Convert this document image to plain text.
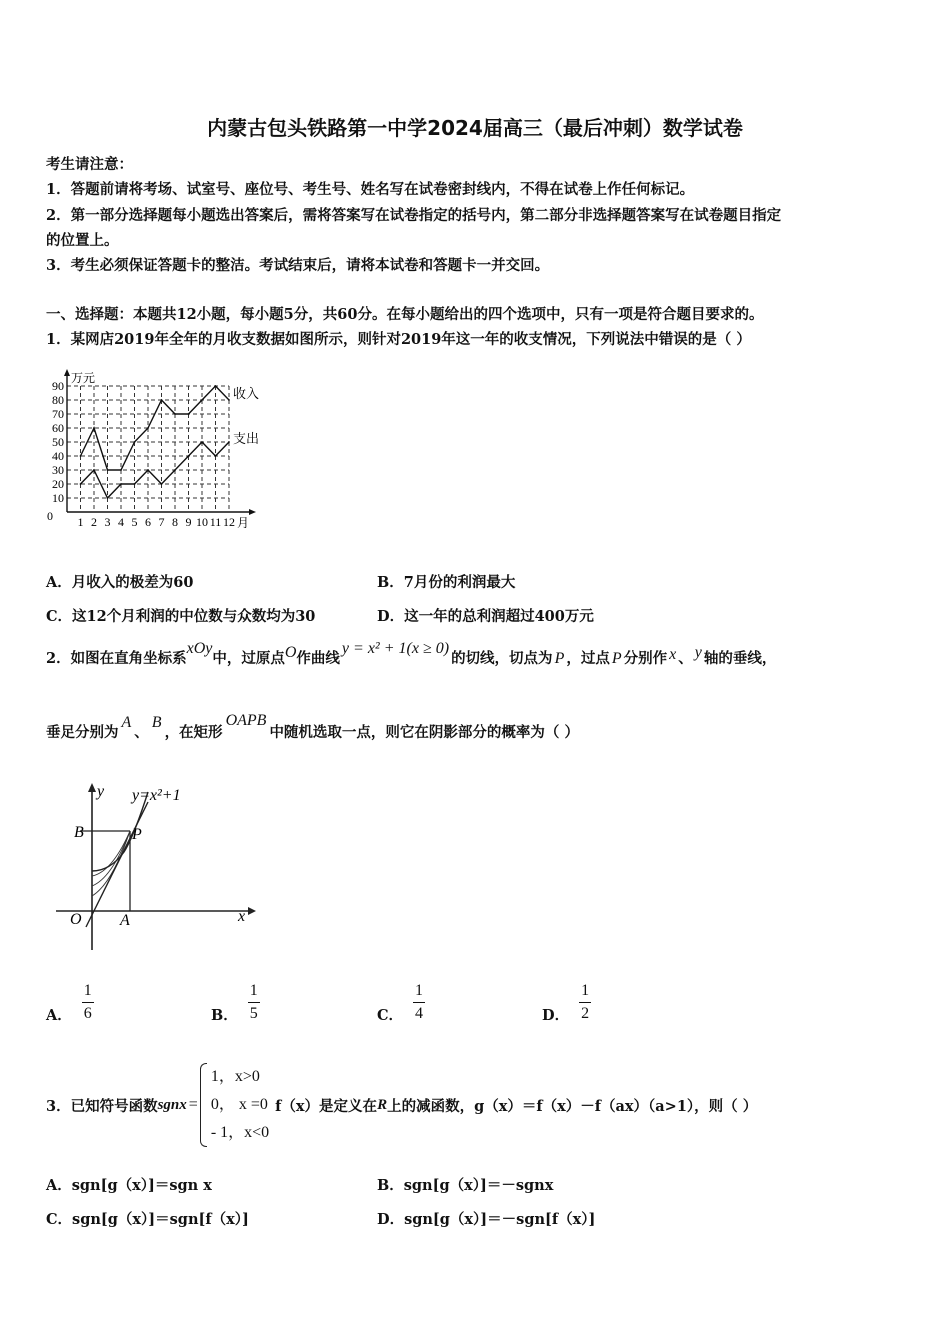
内蒙古包头铁路第一中学2024届高三（最后冲刺）数学试卷
考生请注意：
1．答题前请将考场、试室号、座位号、考生号、姓名写在试卷密封线内，不得在试卷上作任何标记。
2．第一部分选择题每小题选出答案后，需将答案写在试卷指定的括号内，第二部分非选择题答案写在试卷题目指定
的位置上。
3．考生必须保证答题卡的整洁。考试结束后，请将本试卷和答题卡一并交回。
一、选择题：本题共12小题，每小题5分，共60分。在每小题给出的四个选项中，只有一项是符合题目要求的。
1．某网店2019年全年的月收支数据如图所示，则针对2019年这一年的收支情况，下列说法中错误的是（ ）
0
10
20
30
40
50
60
70
80
90
1 2 3 4 5 6 7 8 9 10 11 12
万元
月
收入
支出
A．月收入的极差为60	B．7月份的利润最大
C．这12个月利润的中位数与众数均为30	D．这一年的总利润超过400万元
2．如图在直角坐标系xOy中，过原点O作曲线y = x² + 1(x ≥ 0)的切线，切点为 P ，过点 P 分别作 x 、 y 轴的垂线，
垂足分别为A、B，在矩形OAPB中随机选取一点，则它在阴影部分的概率为（ ）
y=x²+1
y
x
B	P
O A
A． $\frac{1}{6}$	B． $\frac{1}{5}$	C． $\frac{1}{4}$	D． $\frac{1}{2}$
3．已知符号函数 sgnx =
1，x>0
0， x =0
- 1，x<0
f（x）是定义在 R 上的减函数， g（x）＝f（x）－f（ax）（a>1），则（ ）
A．sgn[g（x）]＝sgn x	B．sgn[g（x）]＝－sgnx
C．sgn[g（x）]＝sgn[f（x）]	D．sgn[g（x）]＝－sgn[f（x）]
